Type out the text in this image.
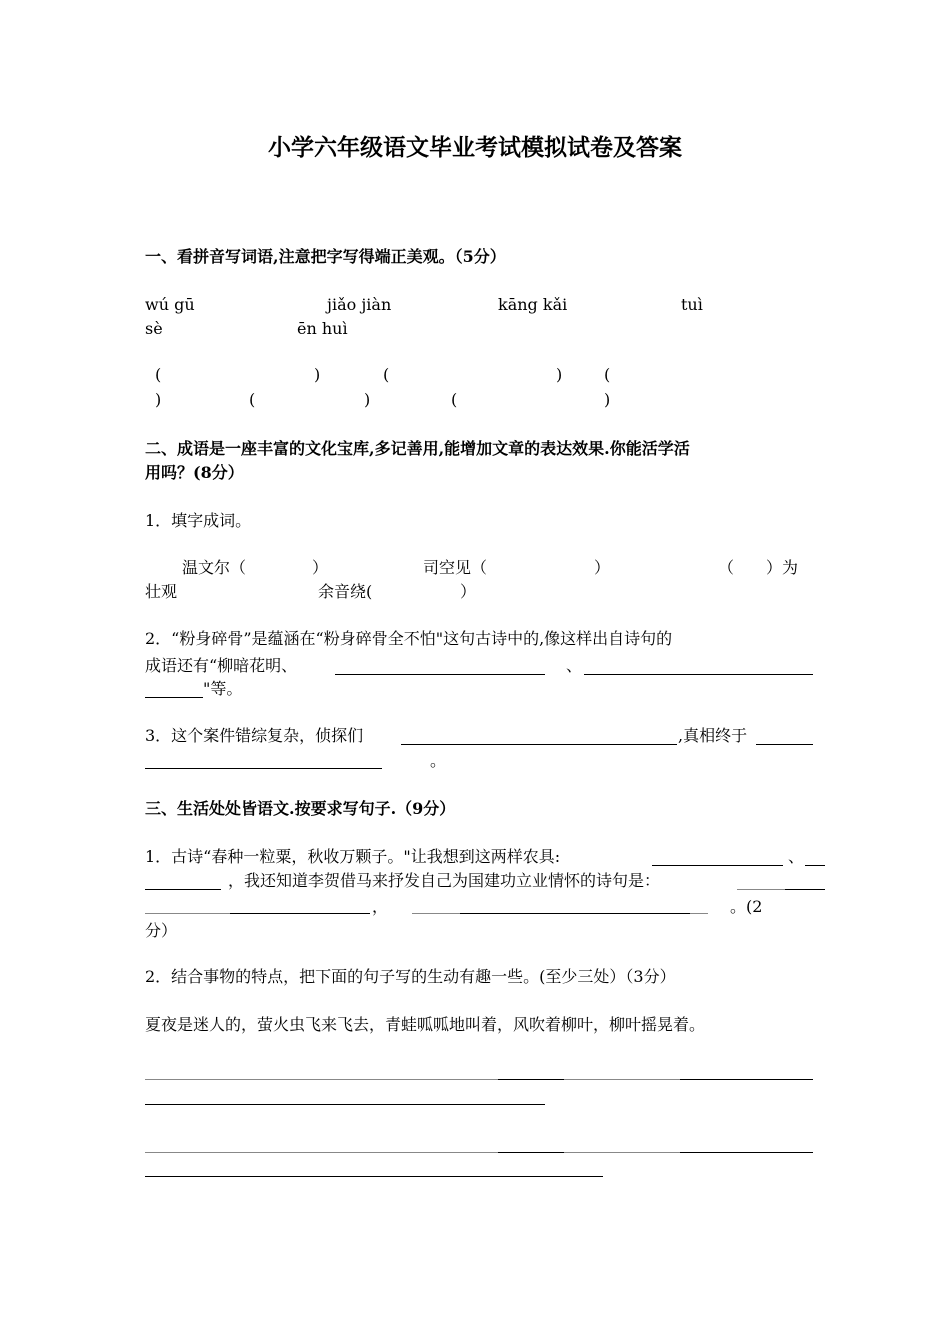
小学六年级语文毕业考试模拟试卷及答案
一、看拼音写词语,注意把字写得端正美观。（5分）
wú gū	jiǎo jiàn	kāng kǎi	tuì
sè	ēn huì
(	)	(	)	(
)	(	)	(	)
二、成语是一座丰富的文化宝库,多记善用,能增加文章的表达效果.你能活学活
用吗？(8分）
1．填字成词。
温文尔（	）	司空见（	）	（ ）为
壮观	余音绕(	）
2．“粉身碎骨”是蕴涵在“粉身碎骨全不怕"这句古诗中的,像这样出自诗句的
成语还有“柳暗花明、	、
"等。
3．这个案件错综复杂，侦探们	,真相终于
。
三、生活处处皆语文.按要求写句子.（9分）
1．古诗“春种一粒粟，秋收万颗子。"让我想到这两样农具:	、
，我还知道李贺借马来抒发自己为国建功立业情怀的诗句是：
，	。(2
分）
2．结合事物的特点，把下面的句子写的生动有趣一些。(至少三处）（3分）
夏夜是迷人的，萤火虫飞来飞去，青蛙呱呱地叫着，风吹着柳叶，柳叶摇晃着。
